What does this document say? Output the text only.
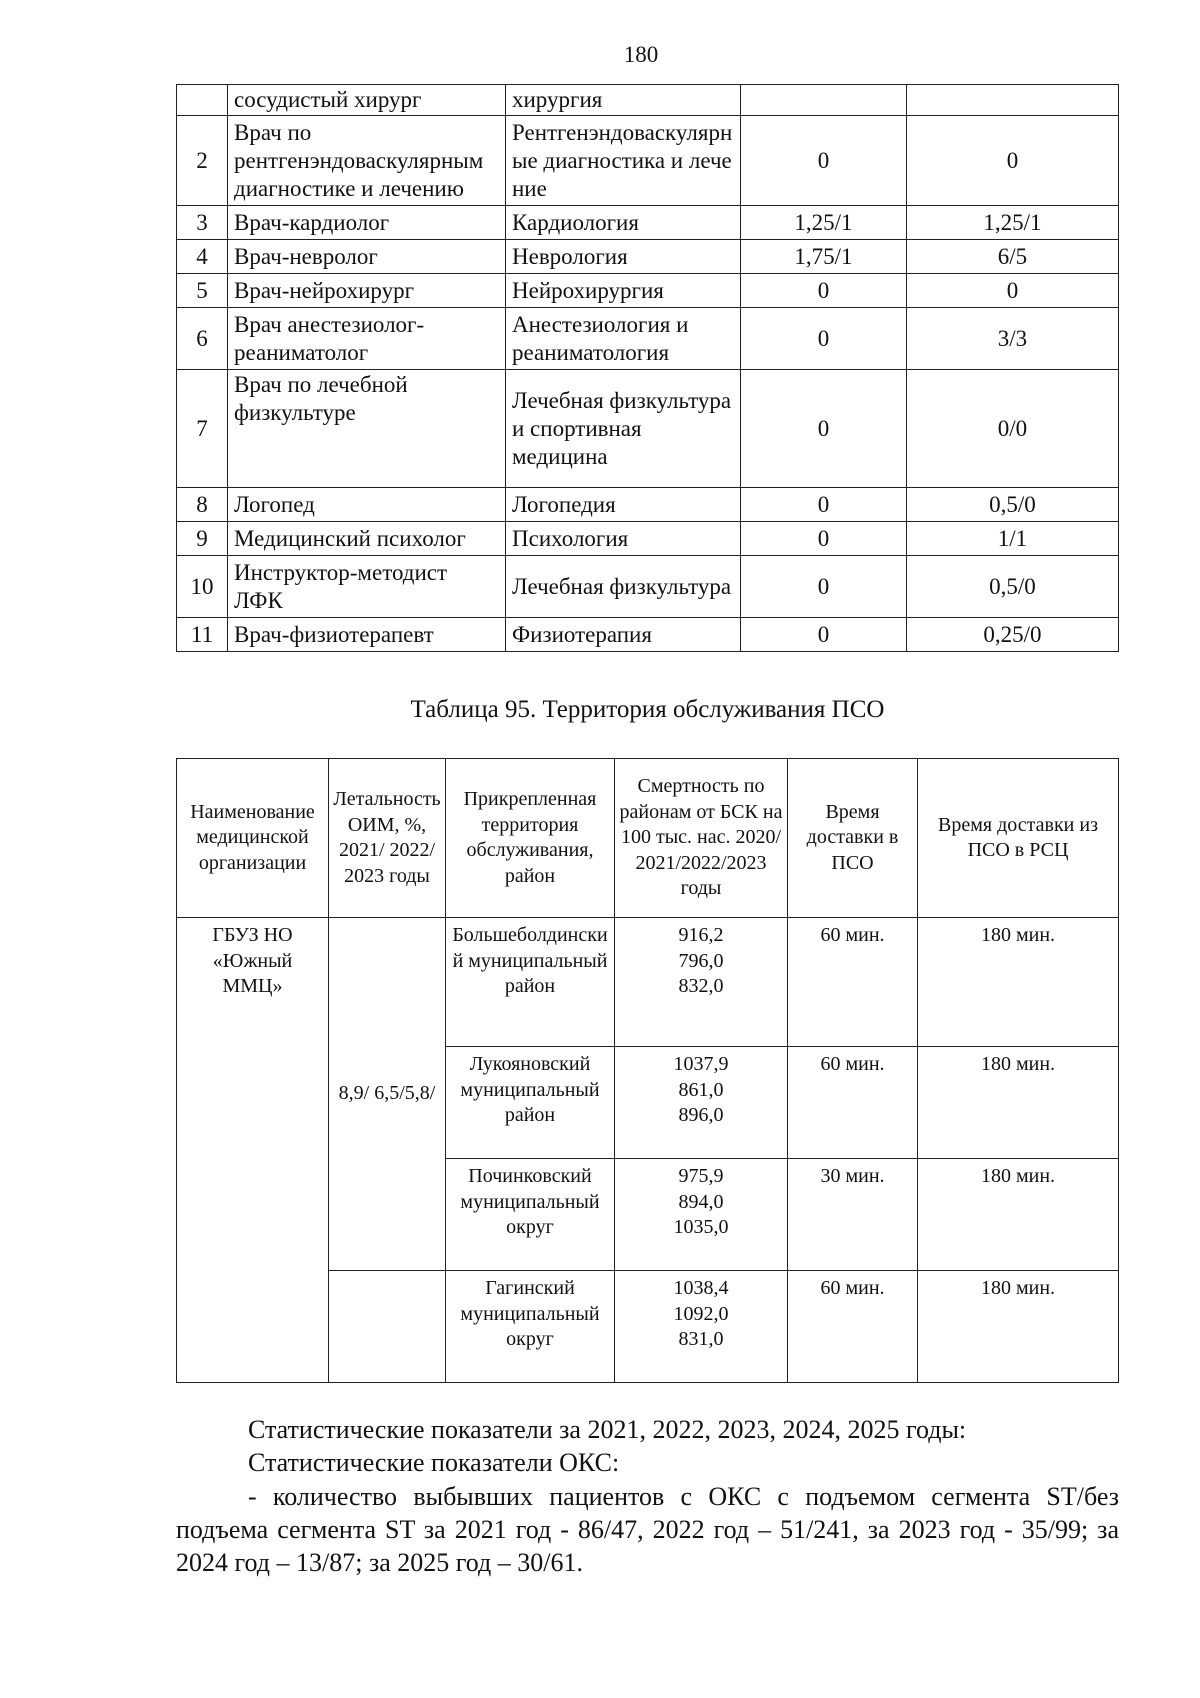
180
	сосудистый хирург	хирургия		
2	Врач по рентгенэндоваскулярным диагностике и лечению	Рентгенэндоваскулярные диагностика и лечение	0	0
3	Врач-кардиолог	Кардиология	1,25/1	1,25/1
4	Врач-невролог	Неврология	1,75/1	6/5
5	Врач-нейрохирург	Нейрохирургия	0	0
6	Врач анестезиолог-реаниматолог	Анестезиология и реаниматология	0	3/3
7	Врач по лечебной физкультуре	Лечебная физкультура и спортивная медицина	0	0/0
8	Логопед	Логопедия	0	0,5/0
9	Медицинский психолог	Психология	0	1/1
10	Инструктор-методист ЛФК	Лечебная физкультура	0	0,5/0
11	Врач-физиотерапевт	Физиотерапия	0	0,25/0
Таблица 95. Территория обслуживания ПСО
Наименование медицинской организации	Летальность ОИМ, %, 2021/ 2022/ 2023 годы	Прикрепленная территория обслуживания, район	Смертность по районам от БСК на 100 тыс. нас. 2020/ 2021/2022/2023 годы	Время доставки в ПСО	Время доставки из ПСО в РСЦ
ГБУЗ НО «Южный ММЦ»	8,9/ 6,5/5,8/	Большеболдинский муниципальный район	916,2
796,0
832,0	60 мин.	180 мин.
		Лукояновский муниципальный район	1037,9
861,0
896,0	60 мин.	180 мин.
		Починковский муниципальный округ	975,9
894,0
1035,0	30 мин.	180 мин.
		Гагинский муниципальный округ	1038,4
1092,0
831,0	60 мин.	180 мин.
Статистические показатели за 2021, 2022, 2023, 2024, 2025 годы:
Статистические показатели ОКС:
- количество выбывших пациентов с ОКС с подъемом сегмента ST/без подъема сегмента ST за 2021 год - 86/47, 2022 год – 51/241, за 2023 год - 35/99; за 2024 год – 13/87; за 2025 год – 30/61.
